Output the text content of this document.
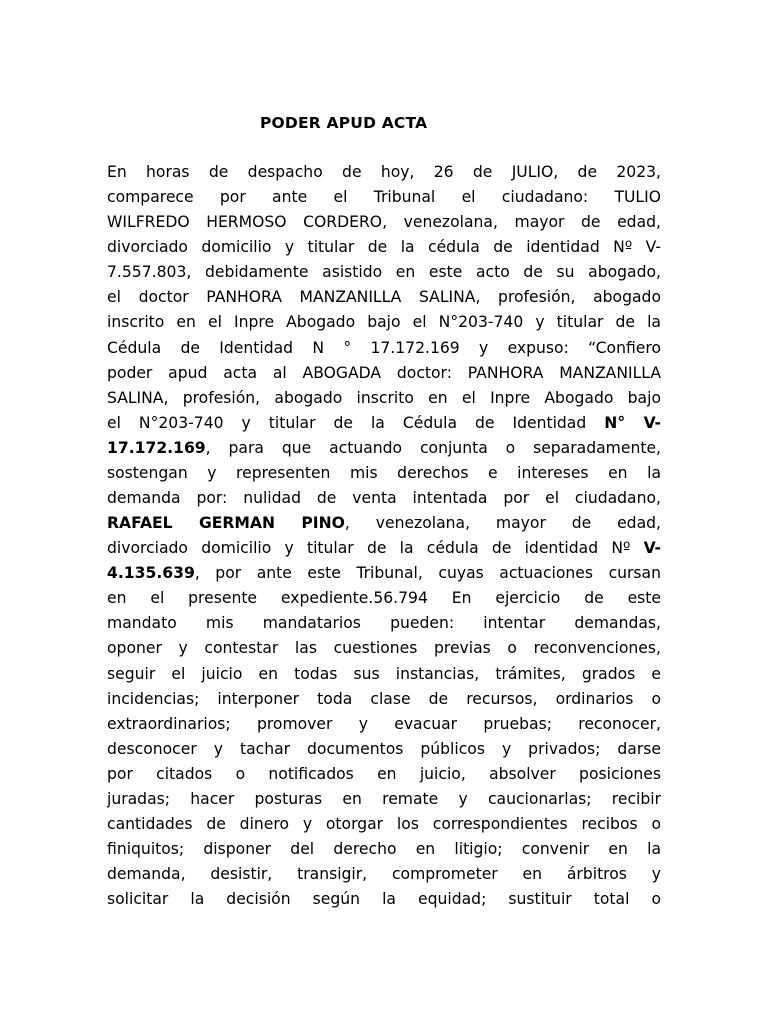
PODER APUD ACTA
En horas de despacho de hoy, 26 de JULIO, de 2023,
comparece por ante el Tribunal el ciudadano: TULIO
WILFREDO HERMOSO CORDERO, venezolana, mayor de edad,
divorciado domicilio y titular de la cédula de identidad Nº V-
7.557.803, debidamente asistido en este acto de su abogado,
el doctor PANHORA MANZANILLA SALINA, profesión, abogado
inscrito en el Inpre Abogado bajo el N°203-740 y titular de la
Cédula de Identidad N ° 17.172.169 y expuso: “Confiero
poder apud acta al ABOGADA doctor: PANHORA MANZANILLA
SALINA, profesión, abogado inscrito en el Inpre Abogado bajo
el N°203-740 y titular de la Cédula de Identidad N° V-
17.172.169, para que actuando conjunta o separadamente,
sostengan y representen mis derechos e intereses en la
demanda por: nulidad de venta intentada por el ciudadano,
RAFAEL GERMAN PINO, venezolana, mayor de edad,
divorciado domicilio y titular de la cédula de identidad Nº V-
4.135.639, por ante este Tribunal, cuyas actuaciones cursan
en el presente expediente.56.794 En ejercicio de este
mandato mis mandatarios pueden: intentar demandas,
oponer y contestar las cuestiones previas o reconvenciones,
seguir el juicio en todas sus instancias, trámites, grados e
incidencias; interponer toda clase de recursos, ordinarios o
extraordinarios; promover y evacuar pruebas; reconocer,
desconocer y tachar documentos públicos y privados; darse
por citados o notificados en juicio, absolver posiciones
juradas; hacer posturas en remate y caucionarlas; recibir
cantidades de dinero y otorgar los correspondientes recibos o
finiquitos; disponer del derecho en litigio; convenir en la
demanda, desistir, transigir, comprometer en árbitros y
solicitar la decisión según la equidad; sustituir total o
